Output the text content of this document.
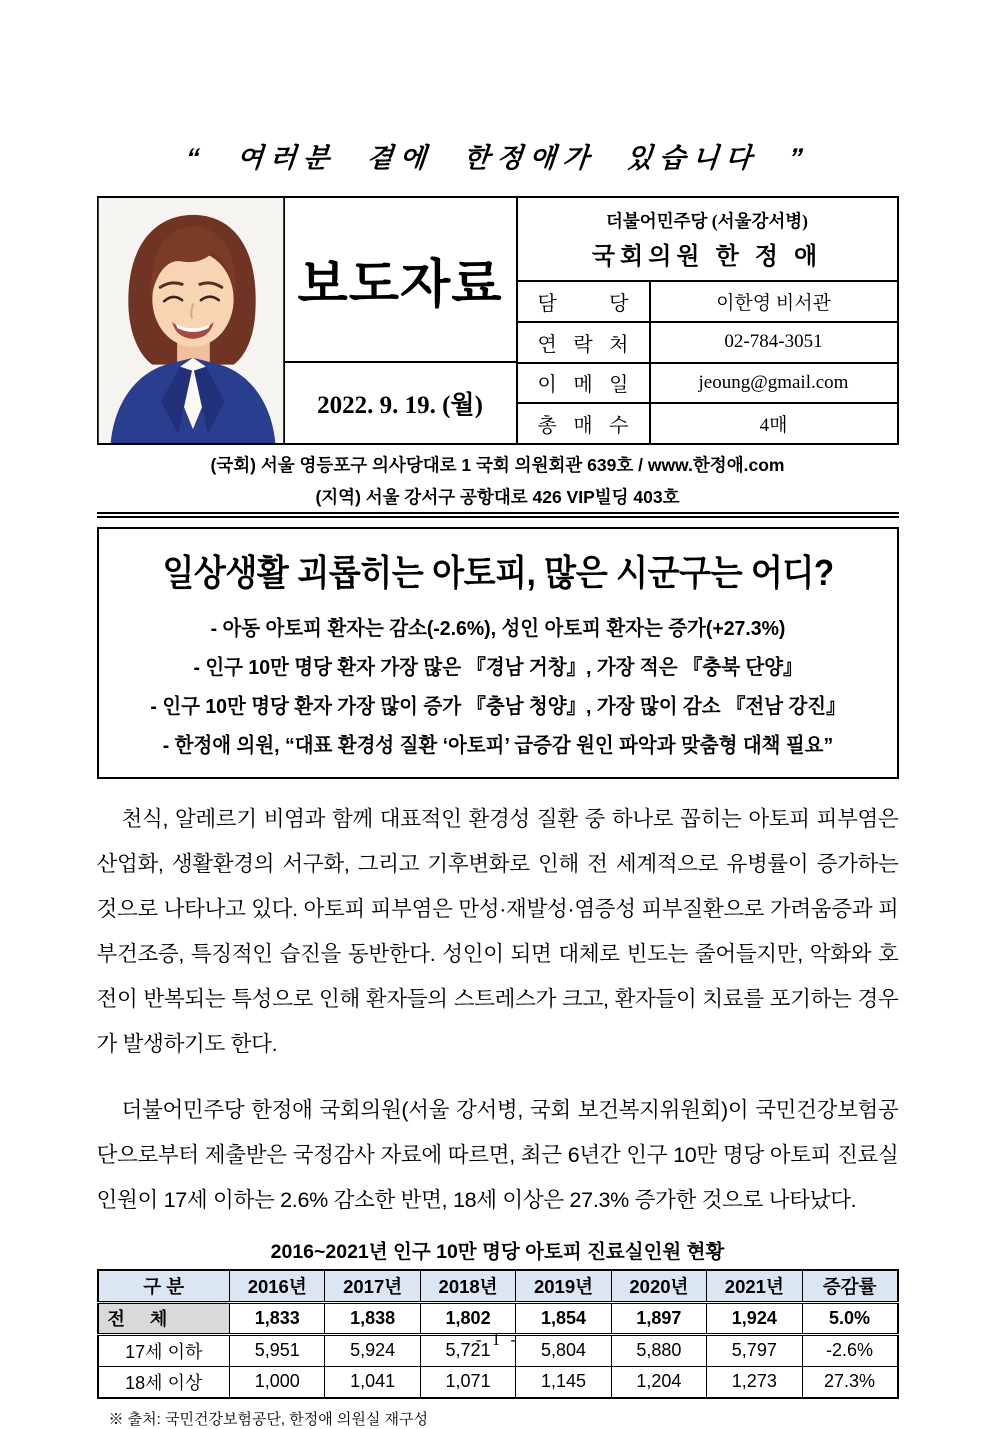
“ 여러분 곁에 한정애가 있습니다 ”
보도자료
2022. 9. 19. (월)
더불어민주당 (서울강서병)
국회의원 한 정 애
담 당	이한영 비서관
연 락 처	02-784-3051
이 메 일	jeoung@gmail.com
총 매 수	4매
(국회) 서울 영등포구 의사당대로 1 국회 의원회관 639호 / www.한정애.com
(지역) 서울 강서구 공항대로 426 VIP빌딩 403호
일상생활 괴롭히는 아토피, 많은 시군구는 어디?
- 아동 아토피 환자는 감소(-2.6%), 성인 아토피 환자는 증가(+27.3%)
- 인구 10만 명당 환자 가장 많은 『경남 거창』, 가장 적은 『충북 단양』
- 인구 10만 명당 환자 가장 많이 증가 『충남 청양』, 가장 많이 감소 『전남 강진』
- 한정애 의원, “대표 환경성 질환 ‘아토피’ 급증감 원인 파악과 맞춤형 대책 필요”
천식, 알레르기 비염과 함께 대표적인 환경성 질환 중 하나로 꼽히는 아토피 피부염은 산업화, 생활환경의 서구화, 그리고 기후변화로 인해 전 세계적으로 유병률이 증가하는 것으로 나타나고 있다. 아토피 피부염은 만성·재발성·염증성 피부질환으로 가려움증과 피부건조증, 특징적인 습진을 동반한다. 성인이 되면 대체로 빈도는 줄어들지만, 악화와 호전이 반복되는 특성으로 인해 환자들의 스트레스가 크고, 환자들이 치료를 포기하는 경우가 발생하기도 한다.
더불어민주당 한정애 국회의원(서울 강서병, 국회 보건복지위원회)이 국민건강보험공단으로부터 제출받은 국정감사 자료에 따르면, 최근 6년간 인구 10만 명당 아토피 진료실인원이 17세 이하는 2.6% 감소한 반면, 18세 이상은 27.3% 증가한 것으로 나타났다.
2016~2021년 인구 10만 명당 아토피 진료실인원 현황
구 분	2016년	2017년	2018년	2019년	2020년	2021년	증감률
전 체	1,833	1,838	1,802	1,854	1,897	1,924	5.0%
17세 이하	5,951	5,924	5,721	5,804	5,880	5,797	-2.6%
18세 이상	1,000	1,041	1,071	1,145	1,204	1,273	27.3%
※ 출처: 국민건강보험공단, 한정애 의원실 재구성
- 1 -
